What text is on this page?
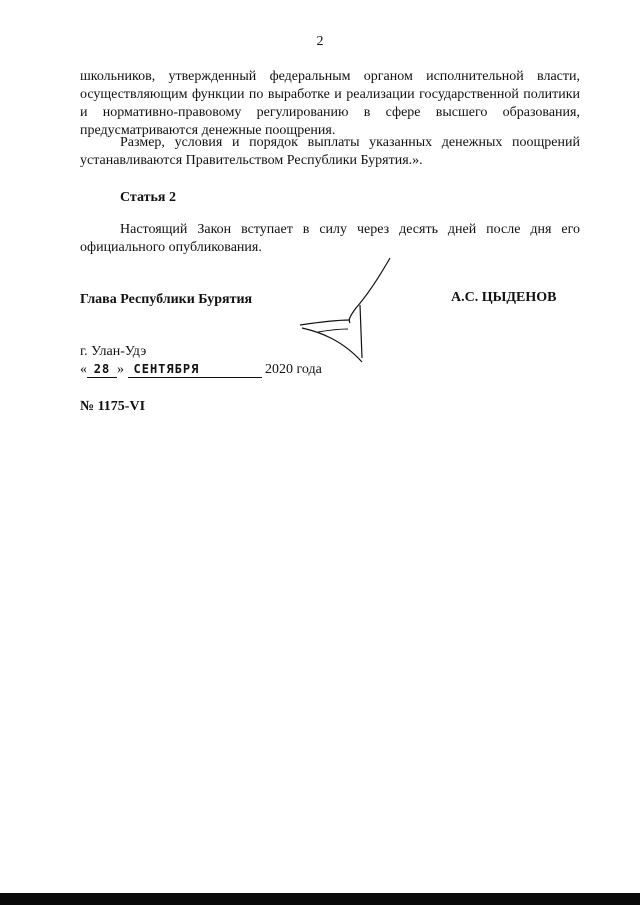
2

школьников, утвержденный федеральным органом исполнительной власти, осуществляющим функции по выработке и реализации государственной политики и нормативно-правовому регулированию в сфере высшего образования, предусматриваются денежные поощрения.

Размер, условия и порядок выплаты указанных денежных поощрений устанавливаются Правительством Республики Бурятия.».

Статья 2

Настоящий Закон вступает в силу через десять дней после дня его официального опубликования.

Глава Республики Бурятия	А.С. ЦЫДЕНОВ
г. Улан-Удэ
« 28 » СЕНТЯБРЯ	2020 года
№ 1175-VI
